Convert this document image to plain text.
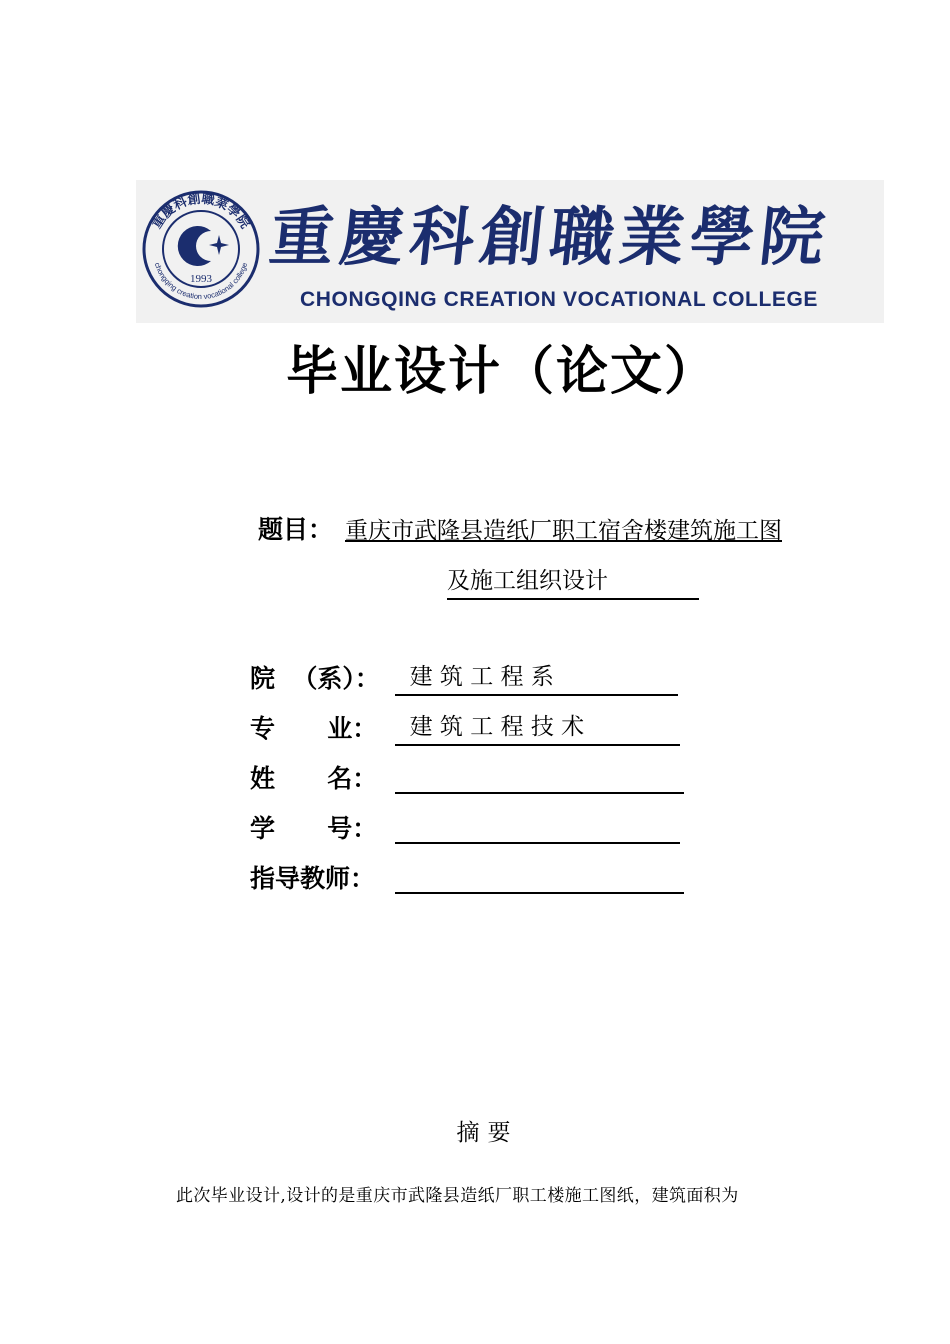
1993
重慶科創職業學院
chongqing creation vocational college 重慶科創職業學院
CHONGQING CREATION VOCATIONAL COLLEGE
毕业设计（论文）
题目： 重庆市武隆县造纸厂职工宿舍楼建筑施工图
及施工组织设计
院  （系）： 建 筑 工 程 系
专      业： 建 筑 工 程 技 术
姓      名：
学      号：
指导教师：
摘要
此次毕业设计,设计的是重庆市武隆县造纸厂职工楼施工图纸，建筑面积为
